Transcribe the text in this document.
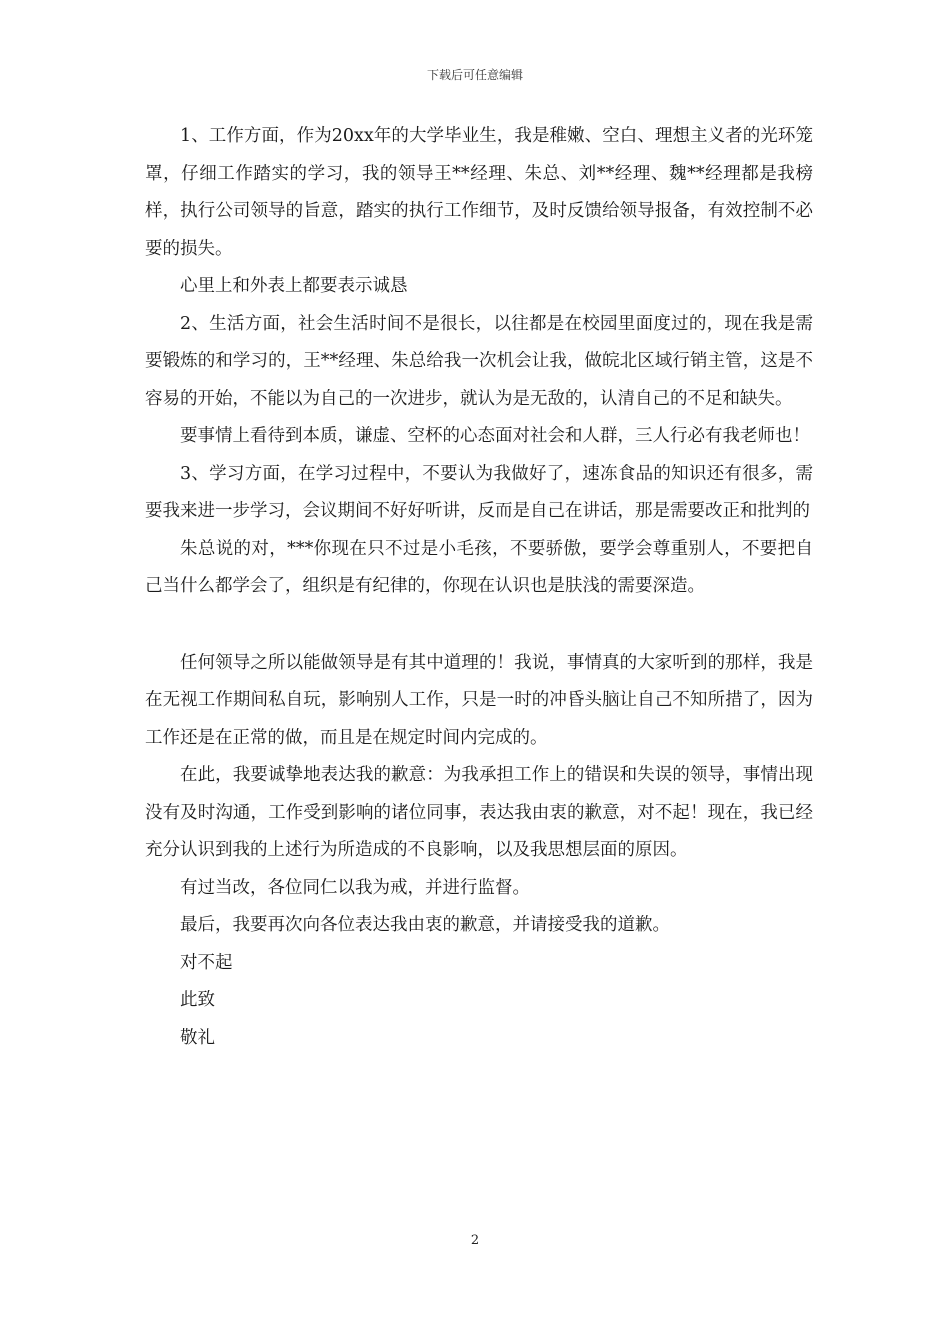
下载后可任意编辑

1、工作方面，作为20xx年的大学毕业生，我是稚嫩、空白、理想主义者的光环笼罩，仔细工作踏实的学习，我的领导王**经理、朱总、刘**经理、魏**经理都是我榜样，执行公司领导的旨意，踏实的执行工作细节，及时反馈给领导报备，有效控制不必要的损失。

心里上和外表上都要表示诚恳

2、生活方面，社会生活时间不是很长，以往都是在校园里面度过的，现在我是需要锻炼的和学习的，王**经理、朱总给我一次机会让我，做皖北区域行销主管，这是不容易的开始，不能以为自己的一次进步，就认为是无敌的，认清自己的不足和缺失。

要事情上看待到本质，谦虚、空杯的心态面对社会和人群，三人行必有我老师也！

3、学习方面，在学习过程中，不要认为我做好了，速冻食品的知识还有很多，需要我来进一步学习，会议期间不好好听讲，反而是自己在讲话，那是需要改正和批判的

朱总说的对，***你现在只不过是小毛孩，不要骄傲，要学会尊重别人，不要把自己当什么都学会了，组织是有纪律的，你现在认识也是肤浅的需要深造。

任何领导之所以能做领导是有其中道理的！我说，事情真的大家听到的那样，我是在无视工作期间私自玩，影响别人工作，只是一时的冲昏头脑让自己不知所措了，因为工作还是在正常的做，而且是在规定时间内完成的。

在此，我要诚挚地表达我的歉意：为我承担工作上的错误和失误的领导，事情出现没有及时沟通，工作受到影响的诸位同事，表达我由衷的歉意，对不起！现在，我已经充分认识到我的上述行为所造成的不良影响，以及我思想层面的原因。

有过当改，各位同仁以我为戒，并进行监督。

最后，我要再次向各位表达我由衷的歉意，并请接受我的道歉。

对不起

此致

敬礼

2
